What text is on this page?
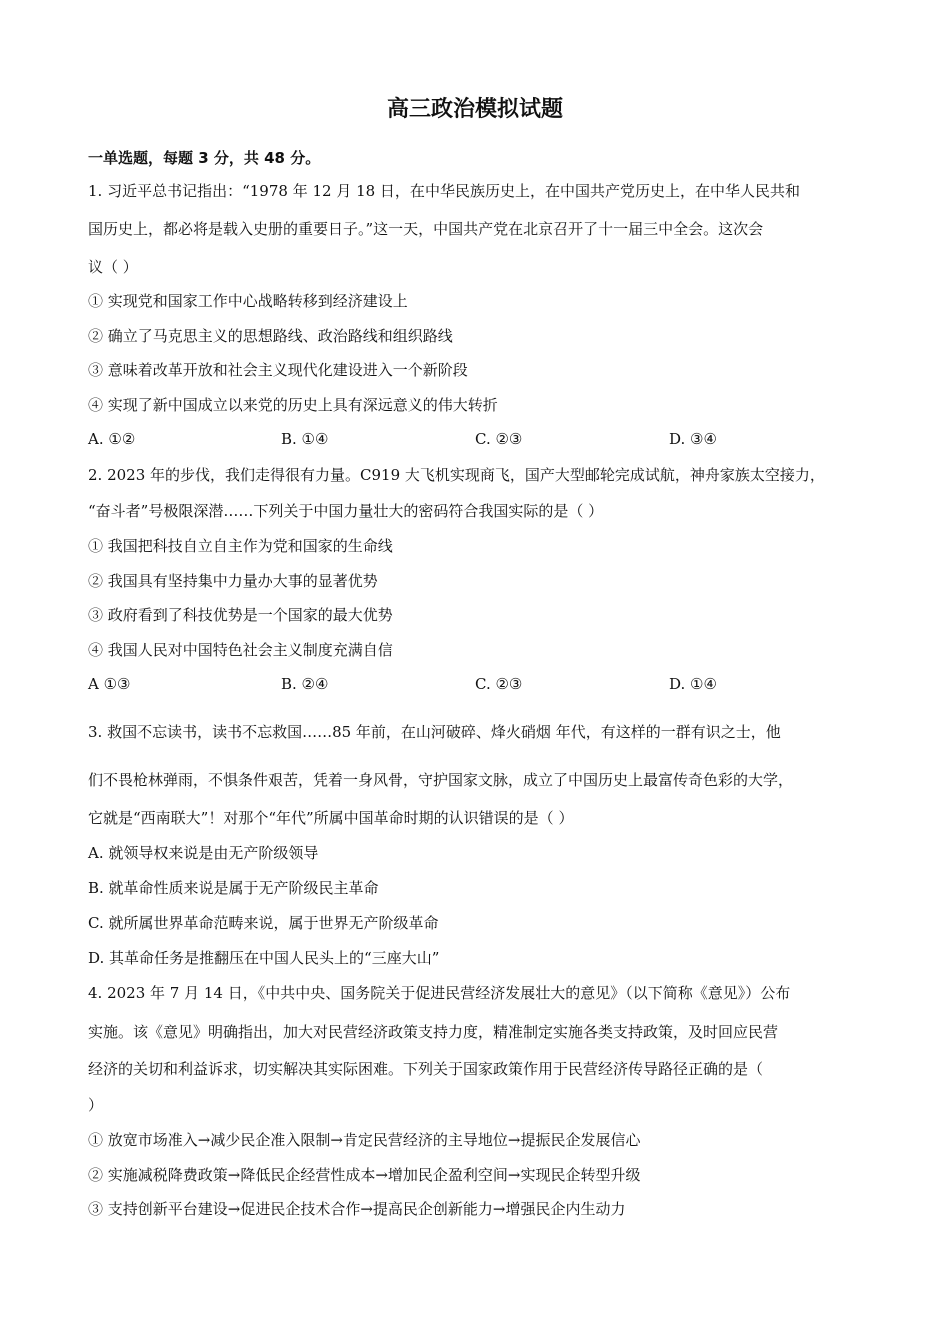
高三政治模拟试题
一单选题，每题 3 分，共 48 分。
1. 习近平总书记指出：“1978 年 12 月 18 日，在中华民族历史上，在中国共产党历史上，在中华人民共和
国历史上，都必将是载入史册的重要日子。”这一天，中国共产党在北京召开了十一届三中全会。这次会
议（ ）
① 实现党和国家工作中心战略转移到经济建设上
② 确立了马克思主义的思想路线、政治路线和组织路线
③ 意味着改革开放和社会主义现代化建设进入一个新阶段
④ 实现了新中国成立以来党的历史上具有深远意义的伟大转折
A. ①②	B. ①④	C. ②③	D. ③④
2. 2023 年的步伐，我们走得很有力量。C919 大飞机实现商飞，国产大型邮轮完成试航，神舟家族太空接力，
“奋斗者”号极限深潜……下列关于中国力量壮大的密码符合我国实际的是（ ）
① 我国把科技自立自主作为党和国家的生命线
② 我国具有坚持集中力量办大事的显著优势
③ 政府看到了科技优势是一个国家的最大优势
④ 我国人民对中国特色社会主义制度充满自信
A ①③	B. ②④	C. ②③	D. ①④
3. 救国不忘读书，读书不忘救国……85 年前，在山河破碎、烽火硝烟 年代，有这样的一群有识之士，他
们不畏枪林弹雨，不惧条件艰苦，凭着一身风骨，守护国家文脉，成立了中国历史上最富传奇色彩的大学，
它就是“西南联大”！对那个“年代”所属中国革命时期的认识错误的是（ ）
A. 就领导权来说是由无产阶级领导
B. 就革命性质来说是属于无产阶级民主革命
C. 就所属世界革命范畴来说，属于世界无产阶级革命
D. 其革命任务是推翻压在中国人民头上的“三座大山”
4. 2023 年 7 月 14 日，《中共中央、国务院关于促进民营经济发展壮大的意见》（以下简称《意见》）公布
实施。该《意见》明确指出，加大对民营经济政策支持力度，精准制定实施各类支持政策，及时回应民营
经济的关切和利益诉求，切实解决其实际困难。下列关于国家政策作用于民营经济传导路径正确的是（
）
① 放宽市场准入→减少民企准入限制→肯定民营经济的主导地位→提振民企发展信心
② 实施减税降费政策→降低民企经营性成本→增加民企盈利空间→实现民企转型升级
③ 支持创新平台建设→促进民企技术合作→提高民企创新能力→增强民企内生动力
